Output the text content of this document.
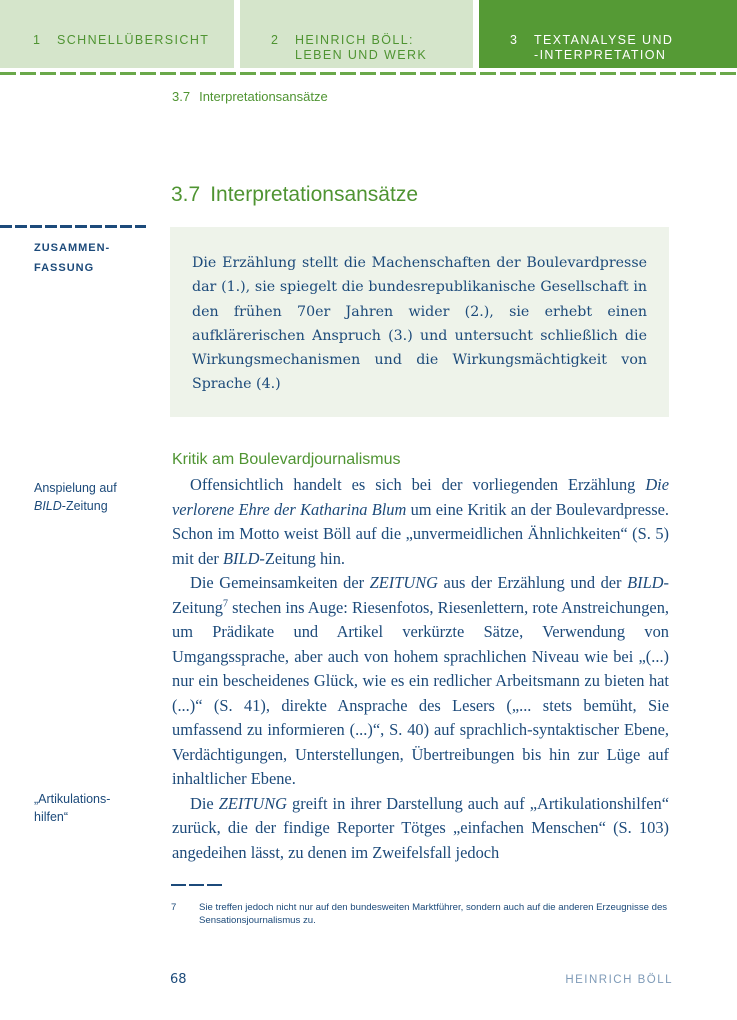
1 SCHNELLÜBERSICHT	2 HEINRICH BÖLL:
LEBEN UND WERK
3 TEXTANALYSE UND
-INTERPRETATION
3.7 Interpretationsansätze
3.7 Interpretationsansätze
ZUSAMMEN-
FASSUNG	Die Erzählung stellt die Machenschaften der Boulevardpresse dar (1.), sie spiegelt die bundesrepublikanische Gesellschaft in den frühen 70er Jahren wider (2.), sie erhebt einen aufklärerischen Anspruch (3.) und untersucht schließlich die Wirkungsmechanismen und die Wirkungsmächtigkeit von Sprache (4.)
Kritik am Boulevardjournalismus
Anspielung auf
BILD-Zeitung
„Artikulations-
hilfen“

Offensichtlich handelt es sich bei der vorliegenden Erzählung Die verlorene Ehre der Katharina Blum um eine Kritik an der Boulevardpresse. Schon im Motto weist Böll auf die „unvermeidlichen Ähnlichkeiten“ (S. 5) mit der BILD-Zeitung hin.

Die Gemeinsamkeiten der ZEITUNG aus der Erzählung und der BILD-Zeitung$^7$ stechen ins Auge: Riesenfotos, Riesenlettern, rote Anstreichungen, um Prädikate und Artikel verkürzte Sätze, Verwendung von Umgangssprache, aber auch von hohem sprachlichen Niveau wie bei „(...) nur ein bescheidenes Glück, wie es ein redlicher Arbeitsmann zu bieten hat (...)“ (S. 41), direkte Ansprache des Lesers („... stets bemüht, Sie umfassend zu informieren (...)“, S. 40) auf sprachlich-syntaktischer Ebene, Verdächtigungen, Unterstellungen, Übertreibungen bis hin zur Lüge auf inhaltlicher Ebene.

Die ZEITUNG greift in ihrer Darstellung auch auf „Artikulationshilfen“ zurück, die der findige Reporter Tötges „einfachen Menschen“ (S. 103) angedeihen lässt, zu denen im Zweifelsfall jedoch

7 Sie treffen jedoch nicht nur auf den bundesweiten Marktführer, sondern auch auf die anderen Erzeugnisse des Sensationsjournalismus zu.
68	HEINRICH BÖLL
